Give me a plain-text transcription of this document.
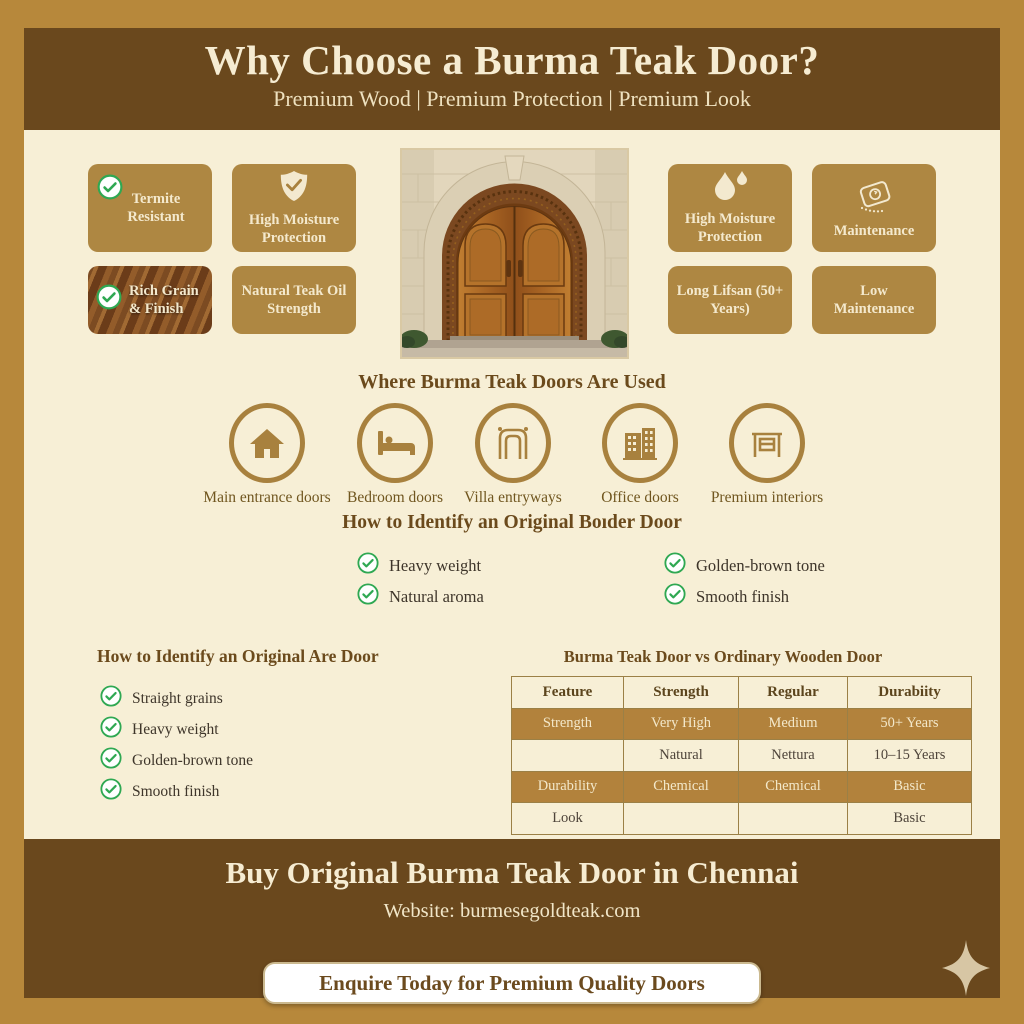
Why Choose a Burma Teak Door?
Premium Wood | Premium Protection | Premium Look
Termite Resistant	High Moisture Protection
Rich Grain & Finish
Natural Teak Oil Strength
High Moisture Protection	Maintenance
Long Lifsan (50+ Years)
Low Maintenance
Where Burma Teak Doors Are Used
Main entrance doors Bedroom doors Villa entryways	Office doors Premium interiors
How to Identify an Original Boıder Door
Heavy weight
Natural aroma
Golden-brown tone
Smooth finish
How to Identify an Original Are Door
Straight grains
Heavy weight
Golden-brown tone
Smooth finish
Burma Teak Door vs Ordinary Wooden Door
Feature	Strength	Regular	Durabiity
Strength	Very High	Medium	50+ Years
	Natural	Nettura	10–15 Years
Durability	Chemical	Chemical	Basic
Look			Basic
Buy Original Burma Teak Door in Chennai
Website: burmesegoldteak.com
Enquire Today for Premium Quality Doors
